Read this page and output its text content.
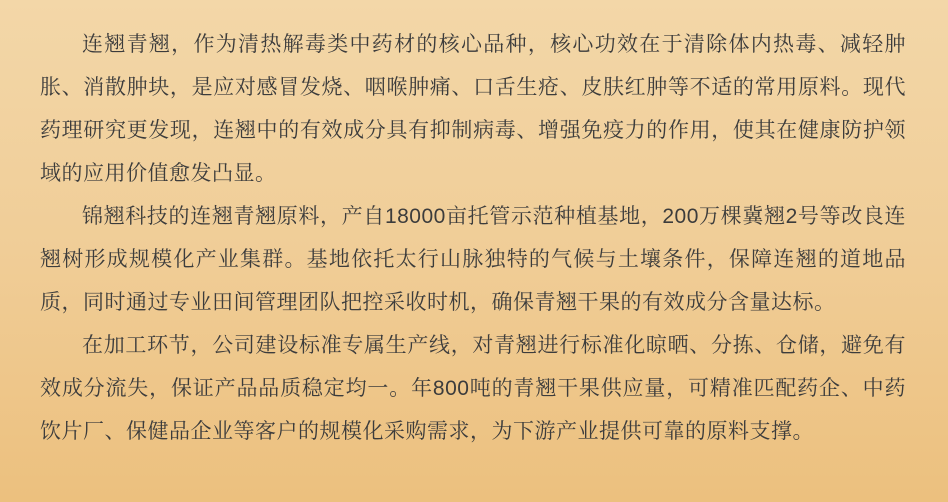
连翘青翘，作为清热解毒类中药材的核心品种，核心功效在于清除体内热毒、减轻肿胀、消散肿块，是应对感冒发烧、咽喉肿痛、口舌生疮、皮肤红肿等不适的常用原料。现代药理研究更发现，连翘中的有效成分具有抑制病毒、增强免疫力的作用，使其在健康防护领域的应用价值愈发凸显。

锦翘科技的连翘青翘原料，产自18000亩托管示范种植基地，200万棵冀翘2号等改良连翘树形成规模化产业集群。基地依托太行山脉独特的气候与土壤条件，保障连翘的道地品质，同时通过专业田间管理团队把控采收时机，确保青翘干果的有效成分含量达标。

在加工环节，公司建设标准专属生产线，对青翘进行标准化晾晒、分拣、仓储，避免有效成分流失，保证产品品质稳定均一。年800吨的青翘干果供应量，可精准匹配药企、中药饮片厂、保健品企业等客户的规模化采购需求，为下游产业提供可靠的原料支撑。
